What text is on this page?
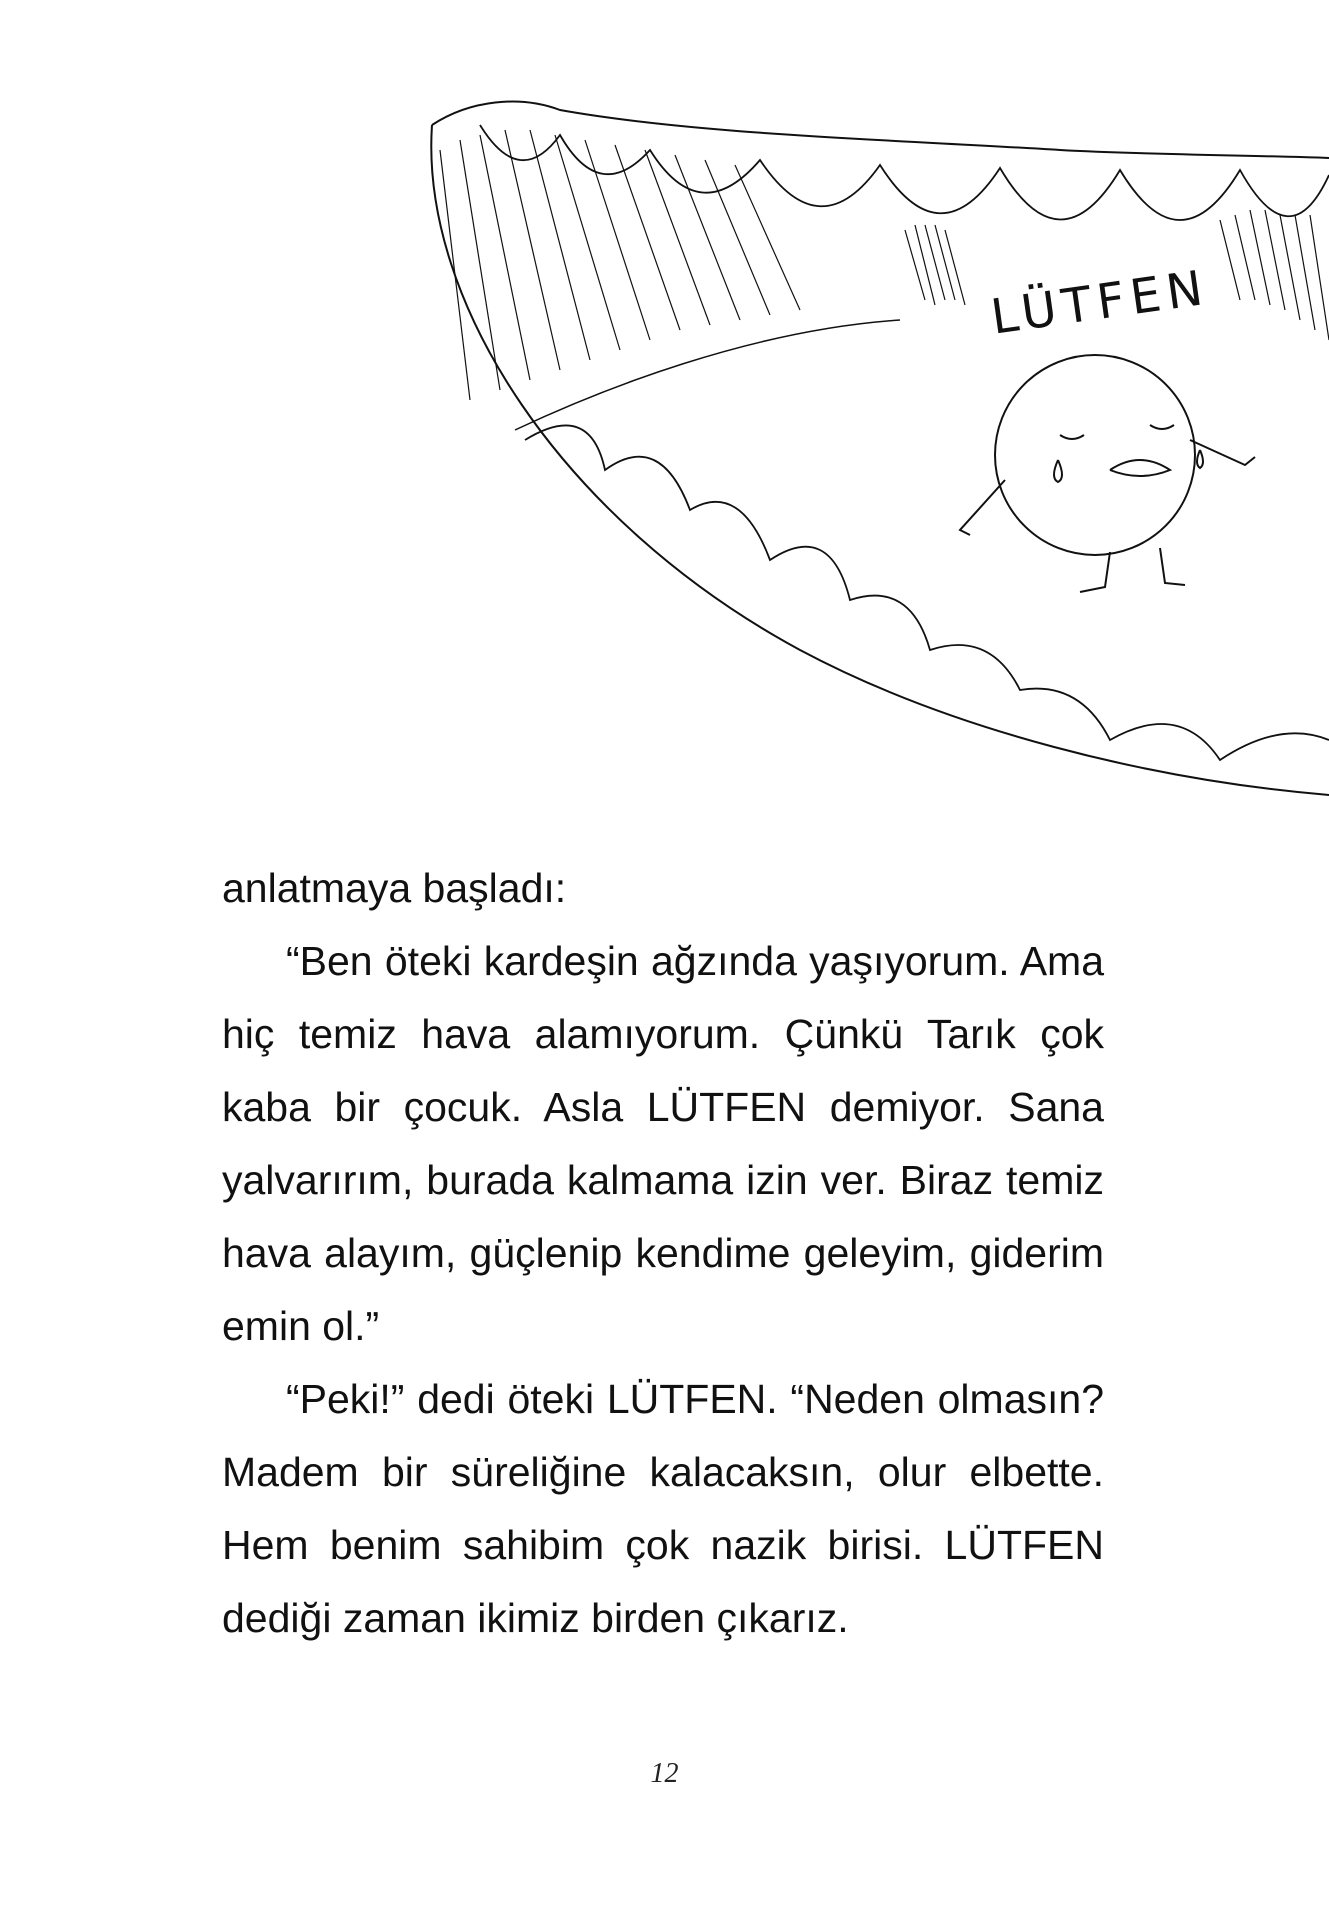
LÜTFEN

anlatmaya başladı:

“Ben öteki kardeşin ağzında yaşıyorum. Ama hiç temiz hava alamıyorum. Çünkü Tarık çok kaba bir çocuk. Asla LÜTFEN demiyor. Sana yalvarırım, burada kalmama izin ver. Biraz temiz hava alayım, güçlenip kendime geleyim, giderim emin ol.”

“Peki!” dedi öteki LÜTFEN. “Neden olmasın? Madem bir süreliğine kalacaksın, olur elbette. Hem benim sahibim çok nazik birisi. LÜTFEN dediği zaman ikimiz birden çıkarız.

12
